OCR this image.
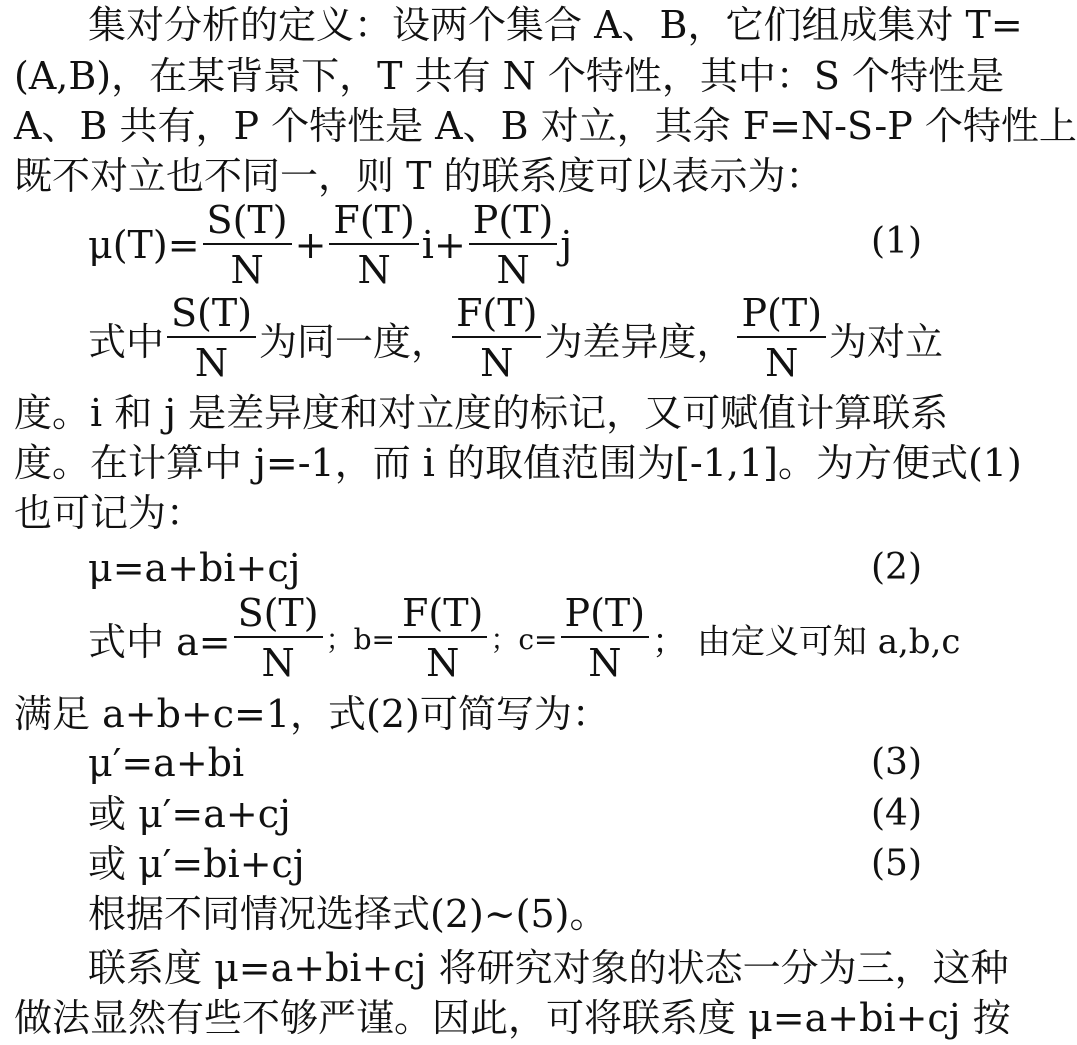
集对分析的定义：设两个集合 A、B，它们组成集对 T=
(A,B)，在某背景下，T 共有 N 个特性，其中：S 个特性是
A、B 共有，P 个特性是 A、B 对立，其余 F=N-S-P 个特性上
既不对立也不同一，则 T 的联系度可以表示为：
$\mu(T)= \frac{S(T)}{N} + \frac{F(T)}{N} i+ \frac{P(T)}{N}$ j	(1)
式中 $\frac{S(T)}{N}$ 为同一度， $\frac{F(T)}{N}$ 为差异度， $\frac{P(T)}{N}$ 为对立
度。i 和 j 是差异度和对立度的标记，又可赋值计算联系
度。在计算中 j=-1，而 i 的取值范围为[-1,1]。为方便式(1)
也可记为：
μ=a+bi+cj	(2)
式中 $a= \frac{S(T)}{N}$ ；$b= \frac{F(T)}{N}$ ；$c= \frac{P(T)}{N}$ ； 由定义可知 a,b,c
满足 a+b+c=1，式(2)可简写为：
μ′=a+bi	(3)
或 μ′=a+cj	(4)
或 μ′=bi+cj	(5)
根据不同情况选择式(2)~(5)。
联系度 μ=a+bi+cj 将研究对象的状态一分为三，这种
做法显然有些不够严谨。因此，可将联系度 μ=a+bi+cj 按
